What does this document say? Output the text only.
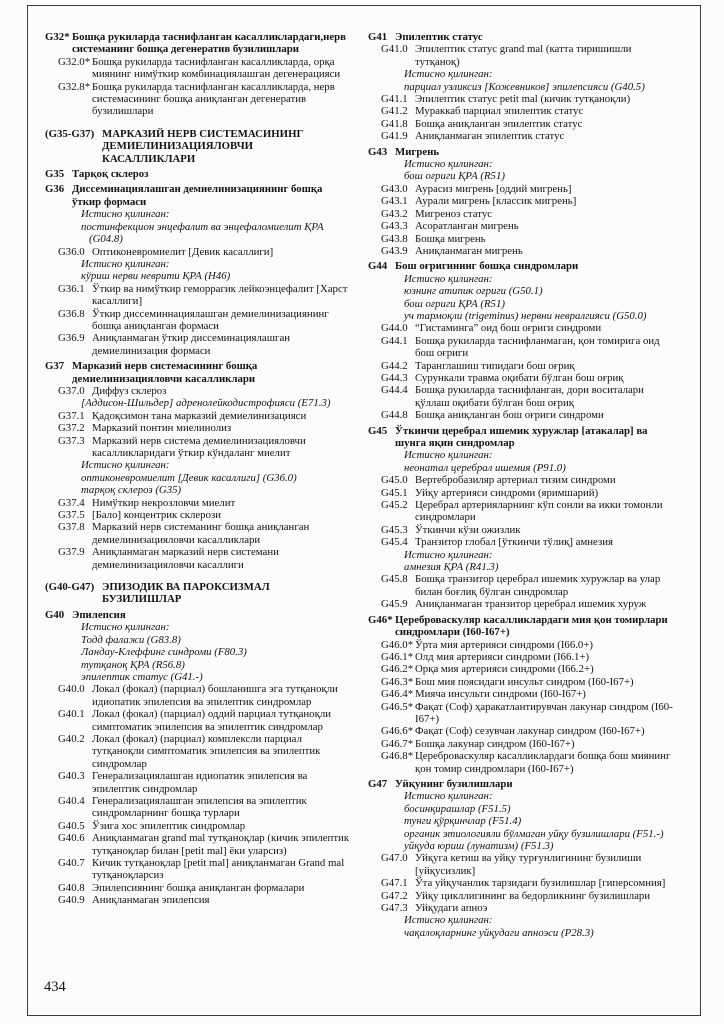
G32* Бошқа рукиларда таснифланган касалликлардаги,нерв системанинг бошқа дегенератив бузилишлари
G32.0* Бошқа рукиларда таснифланган касалликларда, орқа миянинг нимўткир комбинациялашган дегенерацияси
G32.8* Бошқа рукиларда таснифланган касалликларда, нерв системасининг бошқа аниқланган дегенератив бузилишлари
(G35-G37) МАРКАЗИЙ НЕРВ СИСТЕМАСИНИНГ ДЕМИЕЛИНИЗАЦИЯЛОВЧИ КАСАЛЛИКЛАРИ
G35 Тарқоқ склероз
G36 Диссеминациялашган демиелинизациянинг бошқа ўткир формаси
Истисно қилинган:
постинфекцион энцефалит ва энцефаломиелит ҚРА (G04.8)
G36.0 Оптиконевромиелит [Девик касаллиги]
Истисно қилинган:
кўриш нерви неврити ҚРА (Н46)
G36.1 Ўткир ва нимўткир геморрагик лейкоэнцефалит [Харст касаллиги]
G36.8 Ўткир диссеминнациялашган демиелинизациянинг бошқа аниқланган формаси
G36.9 Аниқланмаган ўткир диссеминациялашган демиелинизация формаси
G37 Марказий нерв системасининг бошқа демиелинизацияловчи касалликлари
G37.0 Диффуз склероз
[Аддисон-Шильдер] адренолейкодистрофияси (Е71.3)
G37.1 Қадоқсимон тана марказий демиелинизацияси
G37.2 Марказий понтин миелинолиз
G37.3 Марказий нерв система демиелинизацияловчи касалликларидаги ўткир кўндаланг миелит
Истисно қилинган:
оптиконевромиелит [Девик касаллиги] (G36.0)
тарқоқ склероз (G35)
G37.4 Нимўткир некрозловчи миелит
G37.5 [Бало] концентрик склерози
G37.8 Марказий нерв системанинг бошқа аниқланган демиелинизацияловчи касалликлари
G37.9 Аниқланмаган марказий нерв системани демиелинизацияловчи касаллиги
(G40-G47) ЭПИЗОДИК ВА ПАРОКСИЗМАЛ БУЗИЛИШЛАР
G40 Эпилепсия
Истисно қилинган:
Тодд фалажи (G83.8)
Ландау-Клеффинг синдроми (F80.3)
тутқаноқ ҚРА (R56.8)
эпилептик статус (G41.-)
G40.0 Локал (фокал) (парциал) бошланишга эга тутқаноқли идиопатик эпилепсия ва эпилептик синдромлар
G40.1 Локал (фокал) (парциал) оддий парциал тутқаноқли симптоматик эпилепсия ва эпилептик синдромлар
G40.2 Локал (фокал) (парциал) комплексли парциал тутқаноқли симптоматик эпилепсия ва эпилептик синдромлар
G40.3 Генерализациялашган идиопатик эпилепсия ва эпилептик синдромлар
G40.4 Генерализациялашган эпилепсия ва эпилептик синдромларнинг бошқа турлари
G40.5 Ўзига хос эпилептик синдромлар
G40.6 Аниқланмаган grand mal тутқаноқлар (кичик эпилептик тутқаноқлар билан [petit mal] ёки уларсиз)
G40.7 Кичик тутқаноқлар [petit mal] аниқланмаган Grand mal тутқаноқларсиз
G40.8 Эпилепсиянинг бошқа аниқланган формалари
G40.9 Аниқланмаган эпилепсия
G41 Эпилептик статус
G41.0 Эпилептик статус grand mal (катта тиришишли тутқаноқ)
Истисно қилинган:
парциал узликсиз [Кожевников] эпилепсияси (G40.5)
G41.1 Эпилептик статус petit mal (кичик тутқаноқли)
G41.2 Мураккаб парциал эпилептик статус
G41.8 Бошқа аниқланган эпилептик статус
G41.9 Аниқланмаган эпилептик статус
G43 Мигрень
Истисно қилинган:
бош оғриги ҚРА (R51)
G43.0 Аурасиз мигрень [оддий мигрень]
G43.1 Аурали мигрень [классик мигрень]
G43.2 Мигреноз статус
G43.3 Асоратланган мигрень
G43.8 Бошқа мигрень
G43.9 Аниқланмаган мигрень
G44 Бош оғригининг бошқа синдромлари
Истисно қилинган:
юзнинг атипик оғриги (G50.1)
бош оғриги ҚРА (R51)
уч тармоқли (trigeminus) нервни невралгияси (G50.0)
G44.0 “Гистаминга” оид бош оғриги синдроми
G44.1 Бошқа рукиларда таснифланмаган, қон томирига оид бош оғриги
G44.2 Таранглашиш типидаги бош оғриқ
G44.3 Сурункали травма оқибати бўлган бош оғриқ
G44.4 Бошқа рукиларда таснифланган, дори воситалари қўллаш оқибати бўлган бош оғриқ
G44.8 Бошқа аниқланган бош оғриги синдроми
G45 Ўткинчи церебрал ишемик хуружлар [атакалар] ва шунга яқин синдромлар
Истисно қилинган:
неонатал церебрал ишемия (Р91.0)
G45.0 Вертебробазиляр артериал тизим синдроми
G45.1 Уйқу артерияси синдроми (яримшарий)
G45.2 Церебрал артерияларнинг кўп сонли ва икки томонли синдромлари
G45.3 Ўткинчи кўзи ожизлик
G45.4 Транзитор глобал [ўткинчи тўлиқ] амнезия
Истисно қилинган:
амнезия ҚРА (R41.3)
G45.8 Бошқа транзитор церебрал ишемик хуружлар ва улар билан боғлиқ бўлган синдромлар
G45.9 Аниқланмаган транзитор церебрал ишемик хуруж
G46* Цереброваскуляр касалликлардаги мия қон томирлари синдромлари (I60-I67+)
G46.0* Ўрта мия артерияси синдроми (I66.0+)
G46.1* Олд мия артерияси синдроми (I66.1+)
G46.2* Орқа мия артерияси синдроми (I66.2+)
G46.3* Бош мия поясидаги инсульт синдром (I60-I67+)
G46.4* Мияча инсульти синдроми (I60-I67+)
G46.5* Фақат (Соф) ҳаракатлантирувчан лакунар синдром (I60-I67+)
G46.6* Фақат (Соф) сезувчан лакунар синдром (I60-I67+)
G46.7* Бошқа лакунар синдром (I60-I67+)
G46.8* Цереброваскуляр касалликлардаги бошқа бош миянинг қон томир синдромлари (I60-I67+)
G47 Уйқунинг бузилишлари
Истисно қилинган:
босинқирашлар (F51.5)
тунги қўрқинчлар (F51.4)
органик этиологияли бўлмаган уйқу бузилишлари (F51.-)
уйқуда юриш (лунатизм) (F51.3)
G47.0 Уйқуга кетиш ва уйқу турғунлигининг бузилиши [уйқусизлик]
G47.1 Ўта уйқучанлик тарзидаги бузилишлар [гиперсомния]
G47.2 Уйқу цикллигининг ва бедорликнинг бузилишлари
G47.3 Уйқудаги апноэ
Истисно қилинган:
чақалоқларнинг уйқудаги апноэси (Р28.3)
434
